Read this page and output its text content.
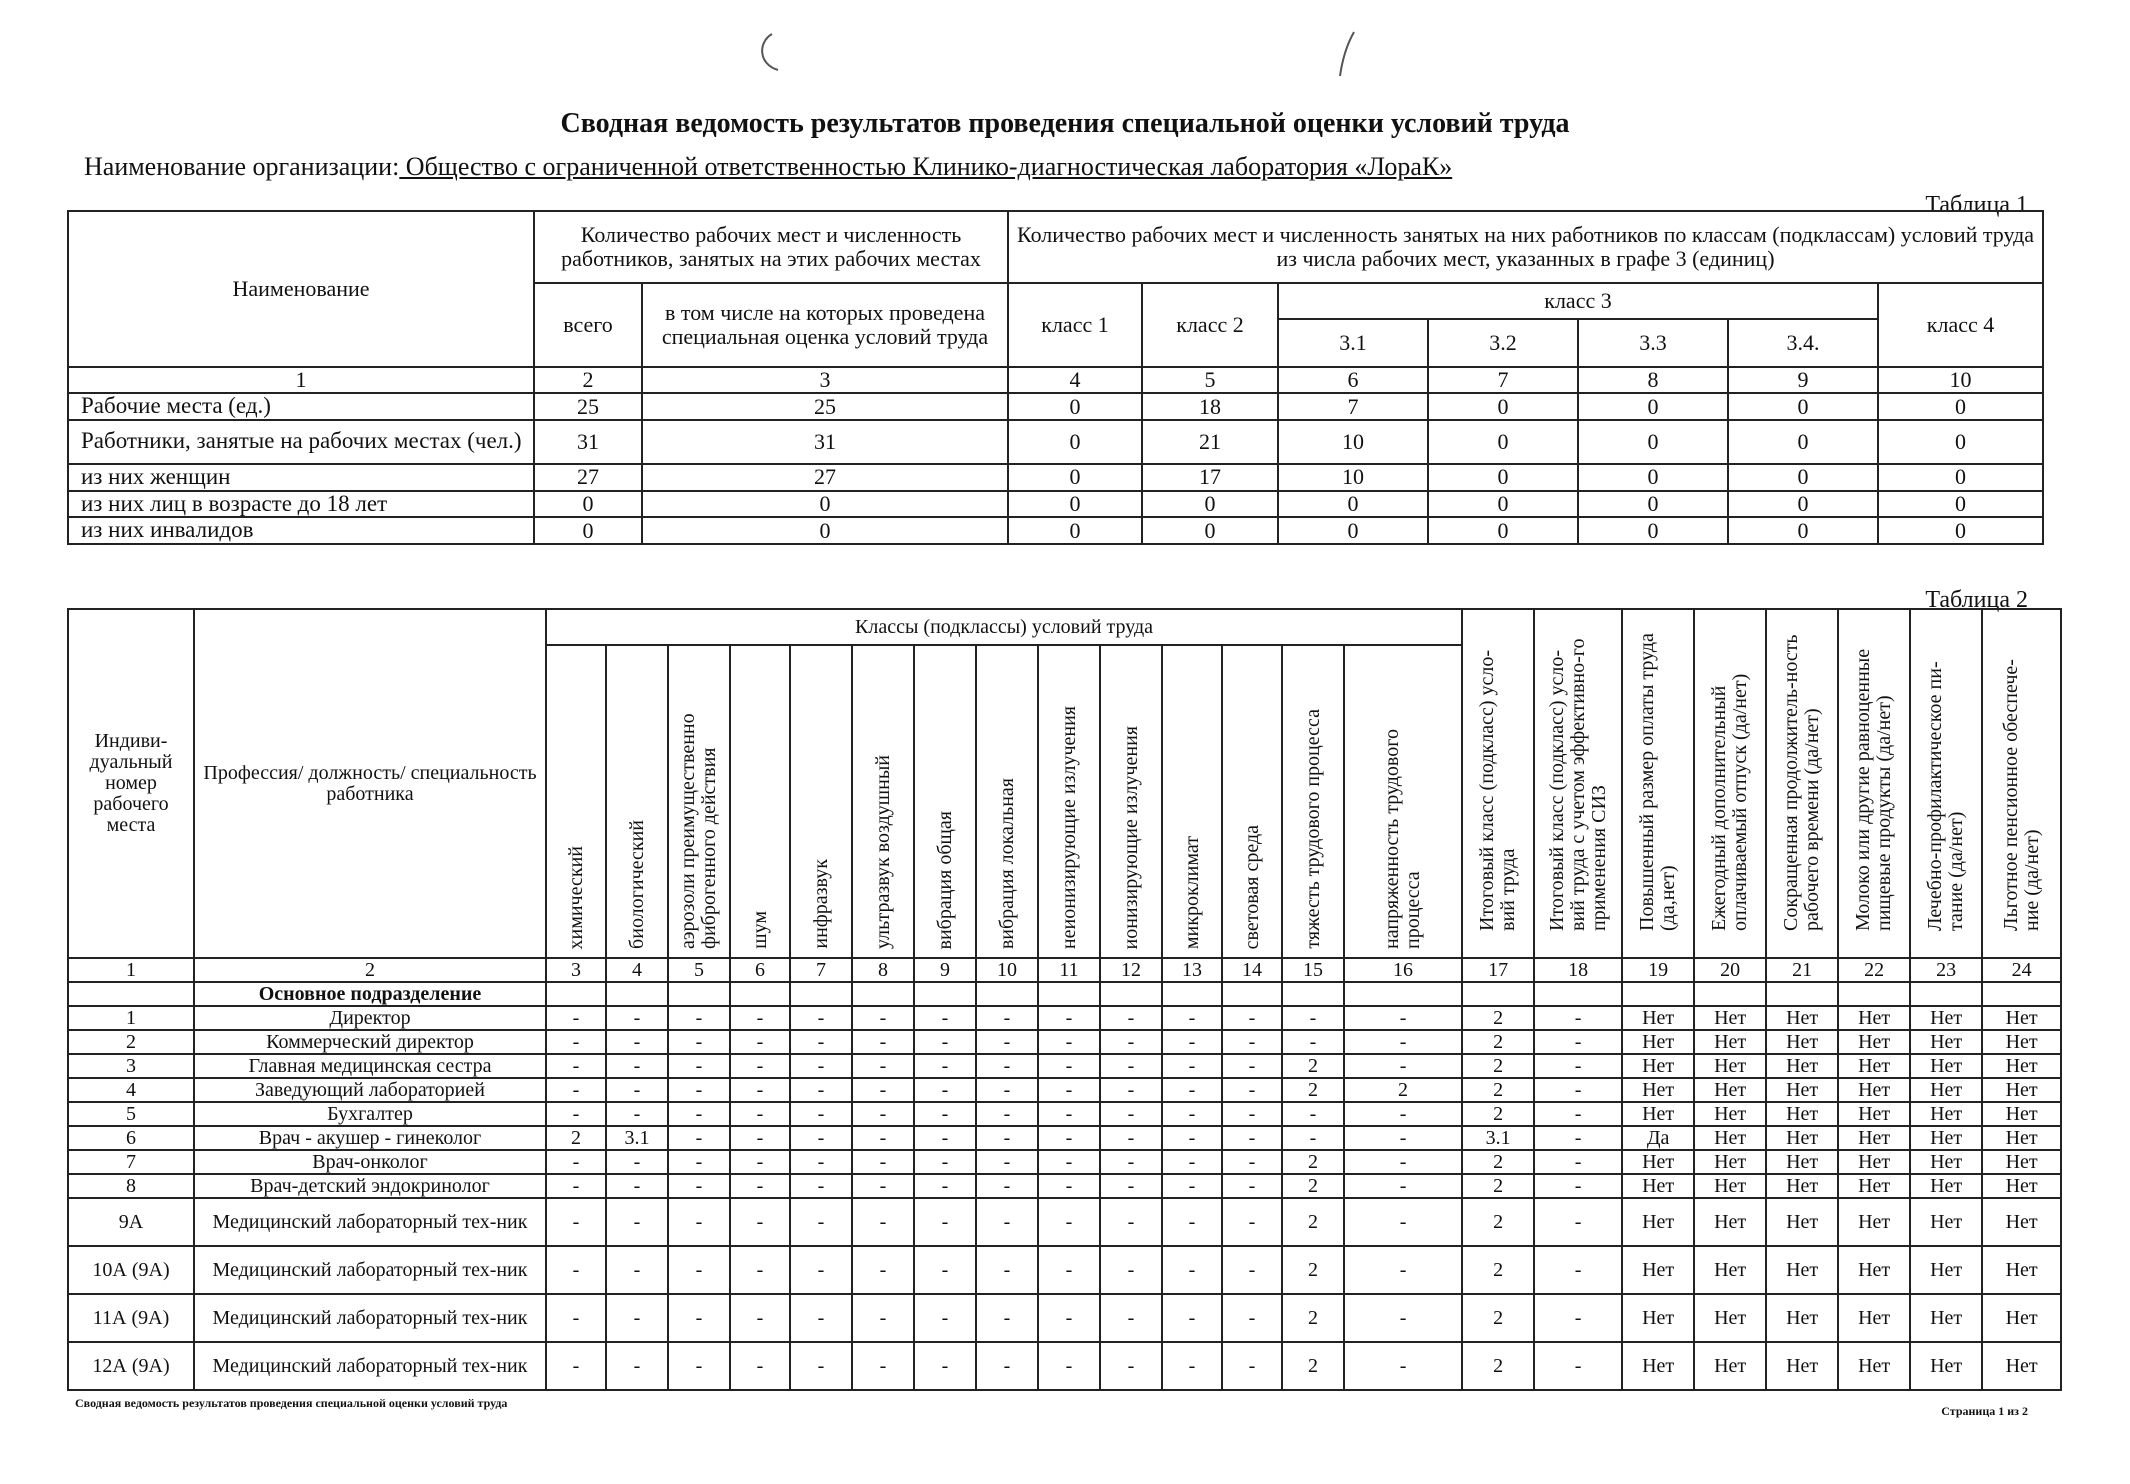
Сводная ведомость результатов проведения специальной оценки условий труда
Наименование организации: Общество с ограниченной ответственностью Клинико-диагностическая лаборатория «ЛораК»
Таблица 1
Наименование	Количество рабочих мест и численность работников, занятых на этих рабочих местах		Количество рабочих мест и численность занятых на них работников по классам (подклассам) условий труда из числа рабочих мест, указанных в графе 3 (единиц)						
	всего	в том числе на которых проведена специальная оценка условий труда	класс 1	класс 2	класс 3				класс 4
					3.1	3.2	3.3	3.4.	
1	2	3	4	5	6	7	8	9	10
Рабочие места (ед.)	25	25	0	18	7	0	0	0	0
Работники, занятые на рабочих местах (чел.)	31	31	0	21	10	0	0	0	0
из них женщин	27	27	0	17	10	0	0	0	0
из них лиц в возрасте до 18 лет	0	0	0	0	0	0	0	0	0
из них инвалидов	0	0	0	0	0	0	0	0	0
Таблица 2
Индиви-дуальный номер рабочего места	Профессия/ должность/ специальность работника	Классы (подклассы) условий труда														Итоговый класс (подкласс) усло-вий труда	Итоговый класс (подкласс) усло-вий труда с учетом эффективно-го применения СИЗ	Повышенный размер оплаты труда (да,нет)	Ежегодный дополнительный оплачиваемый отпуск (да/нет)	Сокращенная продолжитель-ность рабочего времени (да/нет)	Молоко или другие равноценные пищевые продукты (да/нет)	Лечебно-профилактическое пи-тание (да/нет)	Льготное пенсионное обеспече-ние (да/нет)
		химический	биологический	аэрозоли преимущественно фиброгенного действия	шум	инфразвук	ультразвук воздушный	вибрация общая	вибрация локальная	неионизирующие излучения	ионизирующие излучения	микроклимат	световая среда	тяжесть трудового процесса	напряженность трудового процесса								
1	2	3	4	5	6	7	8	9	10	11	12	13	14	15	16	17	18	19	20	21	22	23	24
	Основное подразделение																						
1	Директор	-	-	-	-	-	-	-	-	-	-	-	-	-	-	2	-	Нет	Нет	Нет	Нет	Нет	Нет
2	Коммерческий директор	-	-	-	-	-	-	-	-	-	-	-	-	-	-	2	-	Нет	Нет	Нет	Нет	Нет	Нет
3	Главная медицинская сестра	-	-	-	-	-	-	-	-	-	-	-	-	2	-	2	-	Нет	Нет	Нет	Нет	Нет	Нет
4	Заведующий лабораторией	-	-	-	-	-	-	-	-	-	-	-	-	2	2	2	-	Нет	Нет	Нет	Нет	Нет	Нет
5	Бухгалтер	-	-	-	-	-	-	-	-	-	-	-	-	-	-	2	-	Нет	Нет	Нет	Нет	Нет	Нет
6	Врач - акушер - гинеколог	2	3.1	-	-	-	-	-	-	-	-	-	-	-	-	3.1	-	Да	Нет	Нет	Нет	Нет	Нет
7	Врач-онколог	-	-	-	-	-	-	-	-	-	-	-	-	2	-	2	-	Нет	Нет	Нет	Нет	Нет	Нет
8	Врач-детский эндокринолог	-	-	-	-	-	-	-	-	-	-	-	-	2	-	2	-	Нет	Нет	Нет	Нет	Нет	Нет
9А	Медицинский лабораторный тех-ник	-	-	-	-	-	-	-	-	-	-	-	-	2	-	2	-	Нет	Нет	Нет	Нет	Нет	Нет
10А (9А)	Медицинский лабораторный тех-ник	-	-	-	-	-	-	-	-	-	-	-	-	2	-	2	-	Нет	Нет	Нет	Нет	Нет	Нет
11А (9А)	Медицинский лабораторный тех-ник	-	-	-	-	-	-	-	-	-	-	-	-	2	-	2	-	Нет	Нет	Нет	Нет	Нет	Нет
12А (9А)	Медицинский лабораторный тех-ник	-	-	-	-	-	-	-	-	-	-	-	-	2	-	2	-	Нет	Нет	Нет	Нет	Нет	Нет
Сводная ведомость результатов проведения специальной оценки условий труда
Страница 1 из 2
